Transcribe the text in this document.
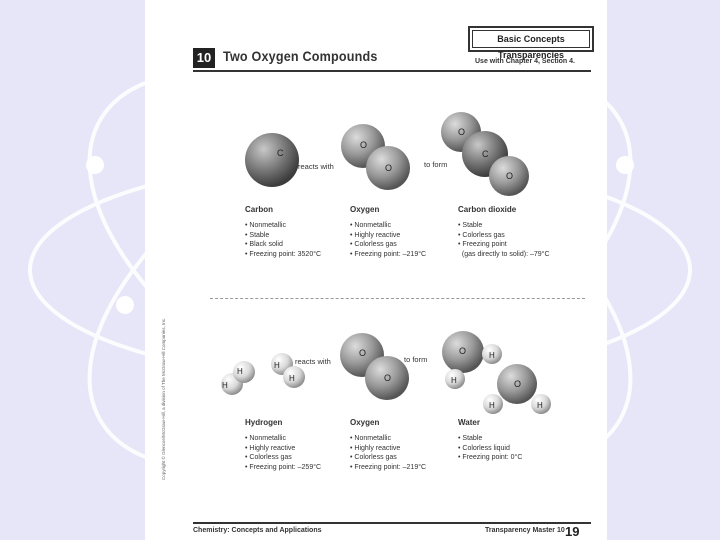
Basic Concepts Transparencies
10 Two Oxygen Compounds	Use with Chapter 4, Section 4.
Copyright © Glencoe/McGraw-Hill, a division of The McGraw-Hill Companies, Inc.
C
O
O
O
C
O
reacts with	to form
Carbon
• Nonmetallic
• Stable
• Black solid
• Freezing point: 3520°C
Oxygen
• Nonmetallic
• Highly reactive
• Colorless gas
• Freezing point: –219°C
Carbon dioxide
• Stable
• Colorless gas
• Freezing point
(gas directly to solid): –79°C
H
H
H
H
O
O
O	H
H	O
H	H
reacts with	to form
Hydrogen
• Nonmetallic
• Highly reactive
• Colorless gas
• Freezing point: –259°C
Oxygen
• Nonmetallic
• Highly reactive
• Colorless gas
• Freezing point: –219°C
Water
• Stable
• Colorless liquid
• Freezing point: 0°C
Chemistry: Concepts and Applications	Transparency Master 10 19
